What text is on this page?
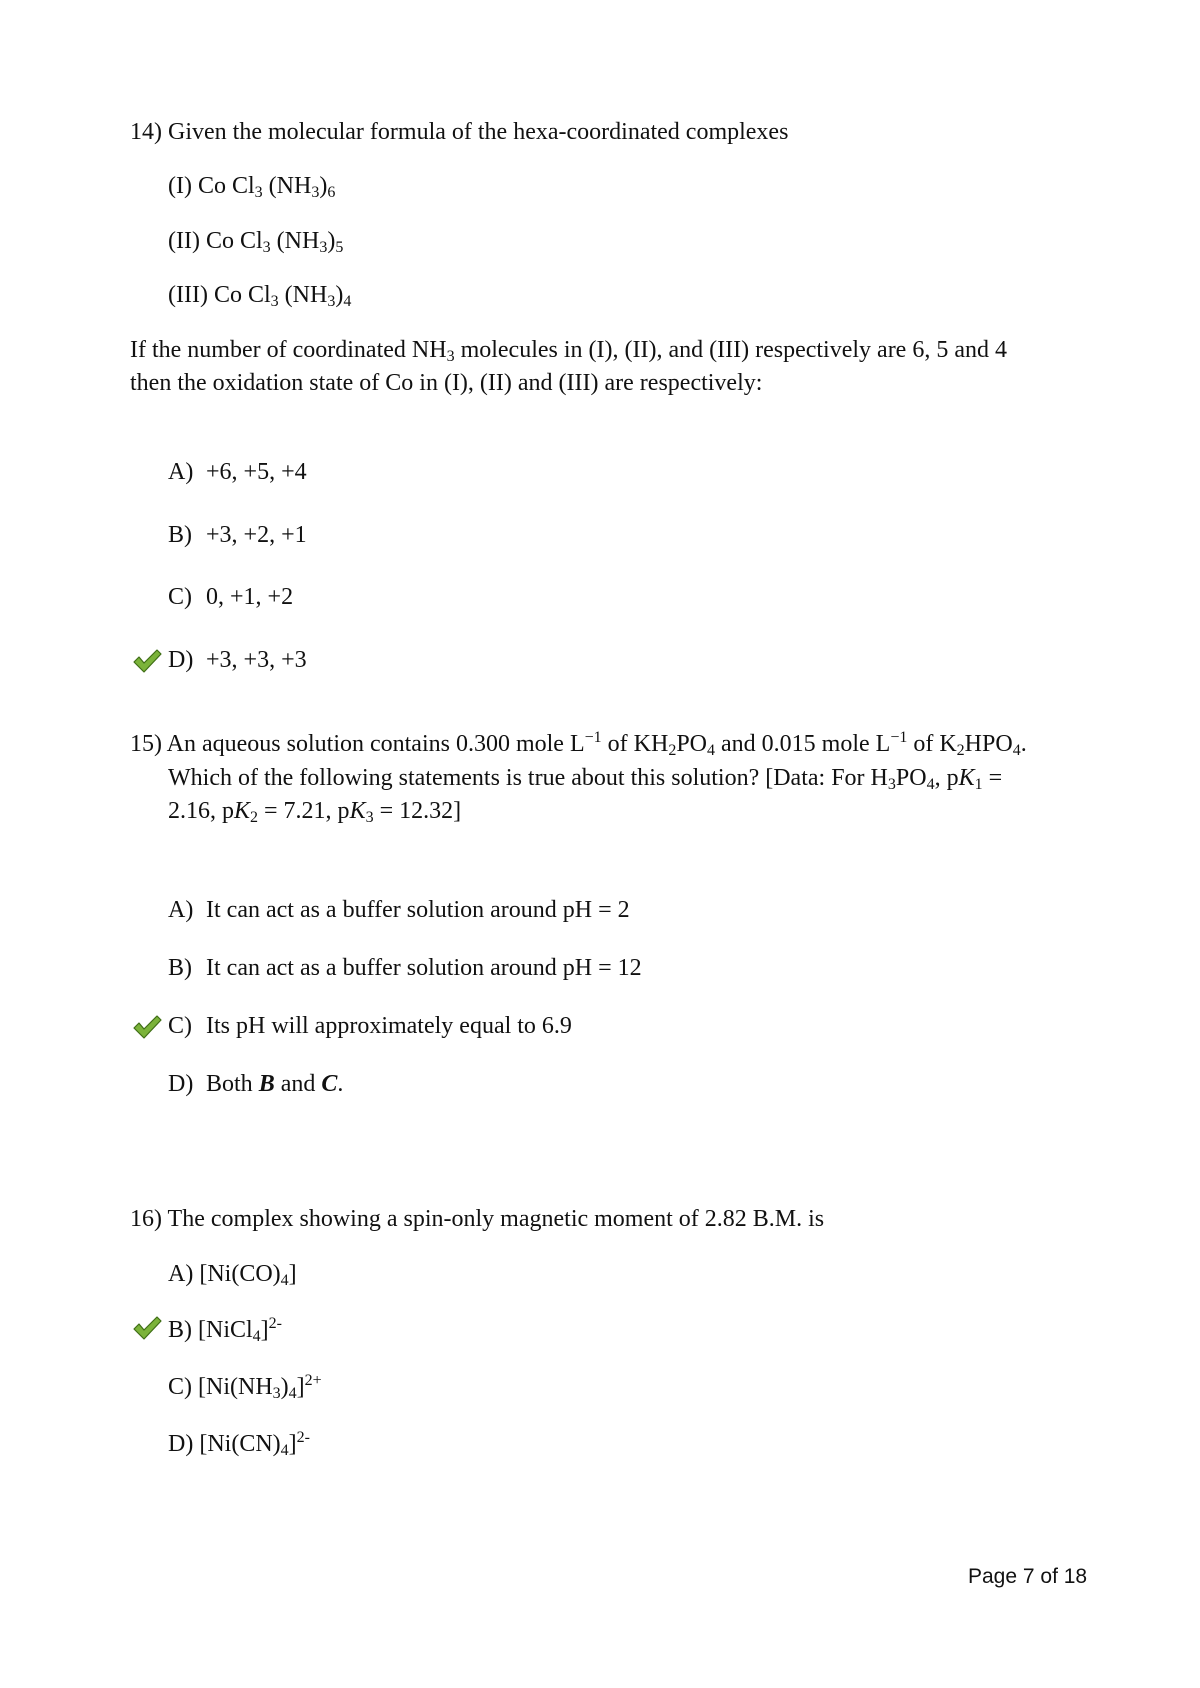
14) Given the molecular formula of the hexa-coordinated complexes
(I) Co $Cl_3$ $(NH_3)_6$
(II) Co $Cl_3$ $(NH_3)_5$
(III) Co $Cl_3$ $(NH_3)_4$
If the number of coordinated $NH_3$ molecules in (I), (II), and (III) respectively are 6, 5 and 4
then the oxidation state of Co in (I), (II) and (III) are respectively:
A) +6, +5, +4
B) +3, +2, +1
C) 0, +1, +2
D) +3, +3, +3
15) An aqueous solution contains 0.300 mole $L^{-1}$ of $KH_2PO_4$ and 0.015 mole $L^{-1}$ of $K_2HPO_4$.
Which of the following statements is true about this solution? [Data: For $H_3PO_4$, $pK_1$ =
2.16, $pK_2 = 7.21$, $pK_3 = 12.32$]
A) It can act as a buffer solution around pH = 2
B) It can act as a buffer solution around pH = 12
C) Its pH will approximately equal to 6.9
D) Both B and C.
16) The complex showing a spin-only magnetic moment of 2.82 B.M. is
A) $[Ni(CO)_4]$
B) [NiCl$_4$]$^{2-}$
C) $[Ni(NH_3)_4]^{2+}$
D) $[Ni(CN)_4]^{2-}$
Page 7 of 18
